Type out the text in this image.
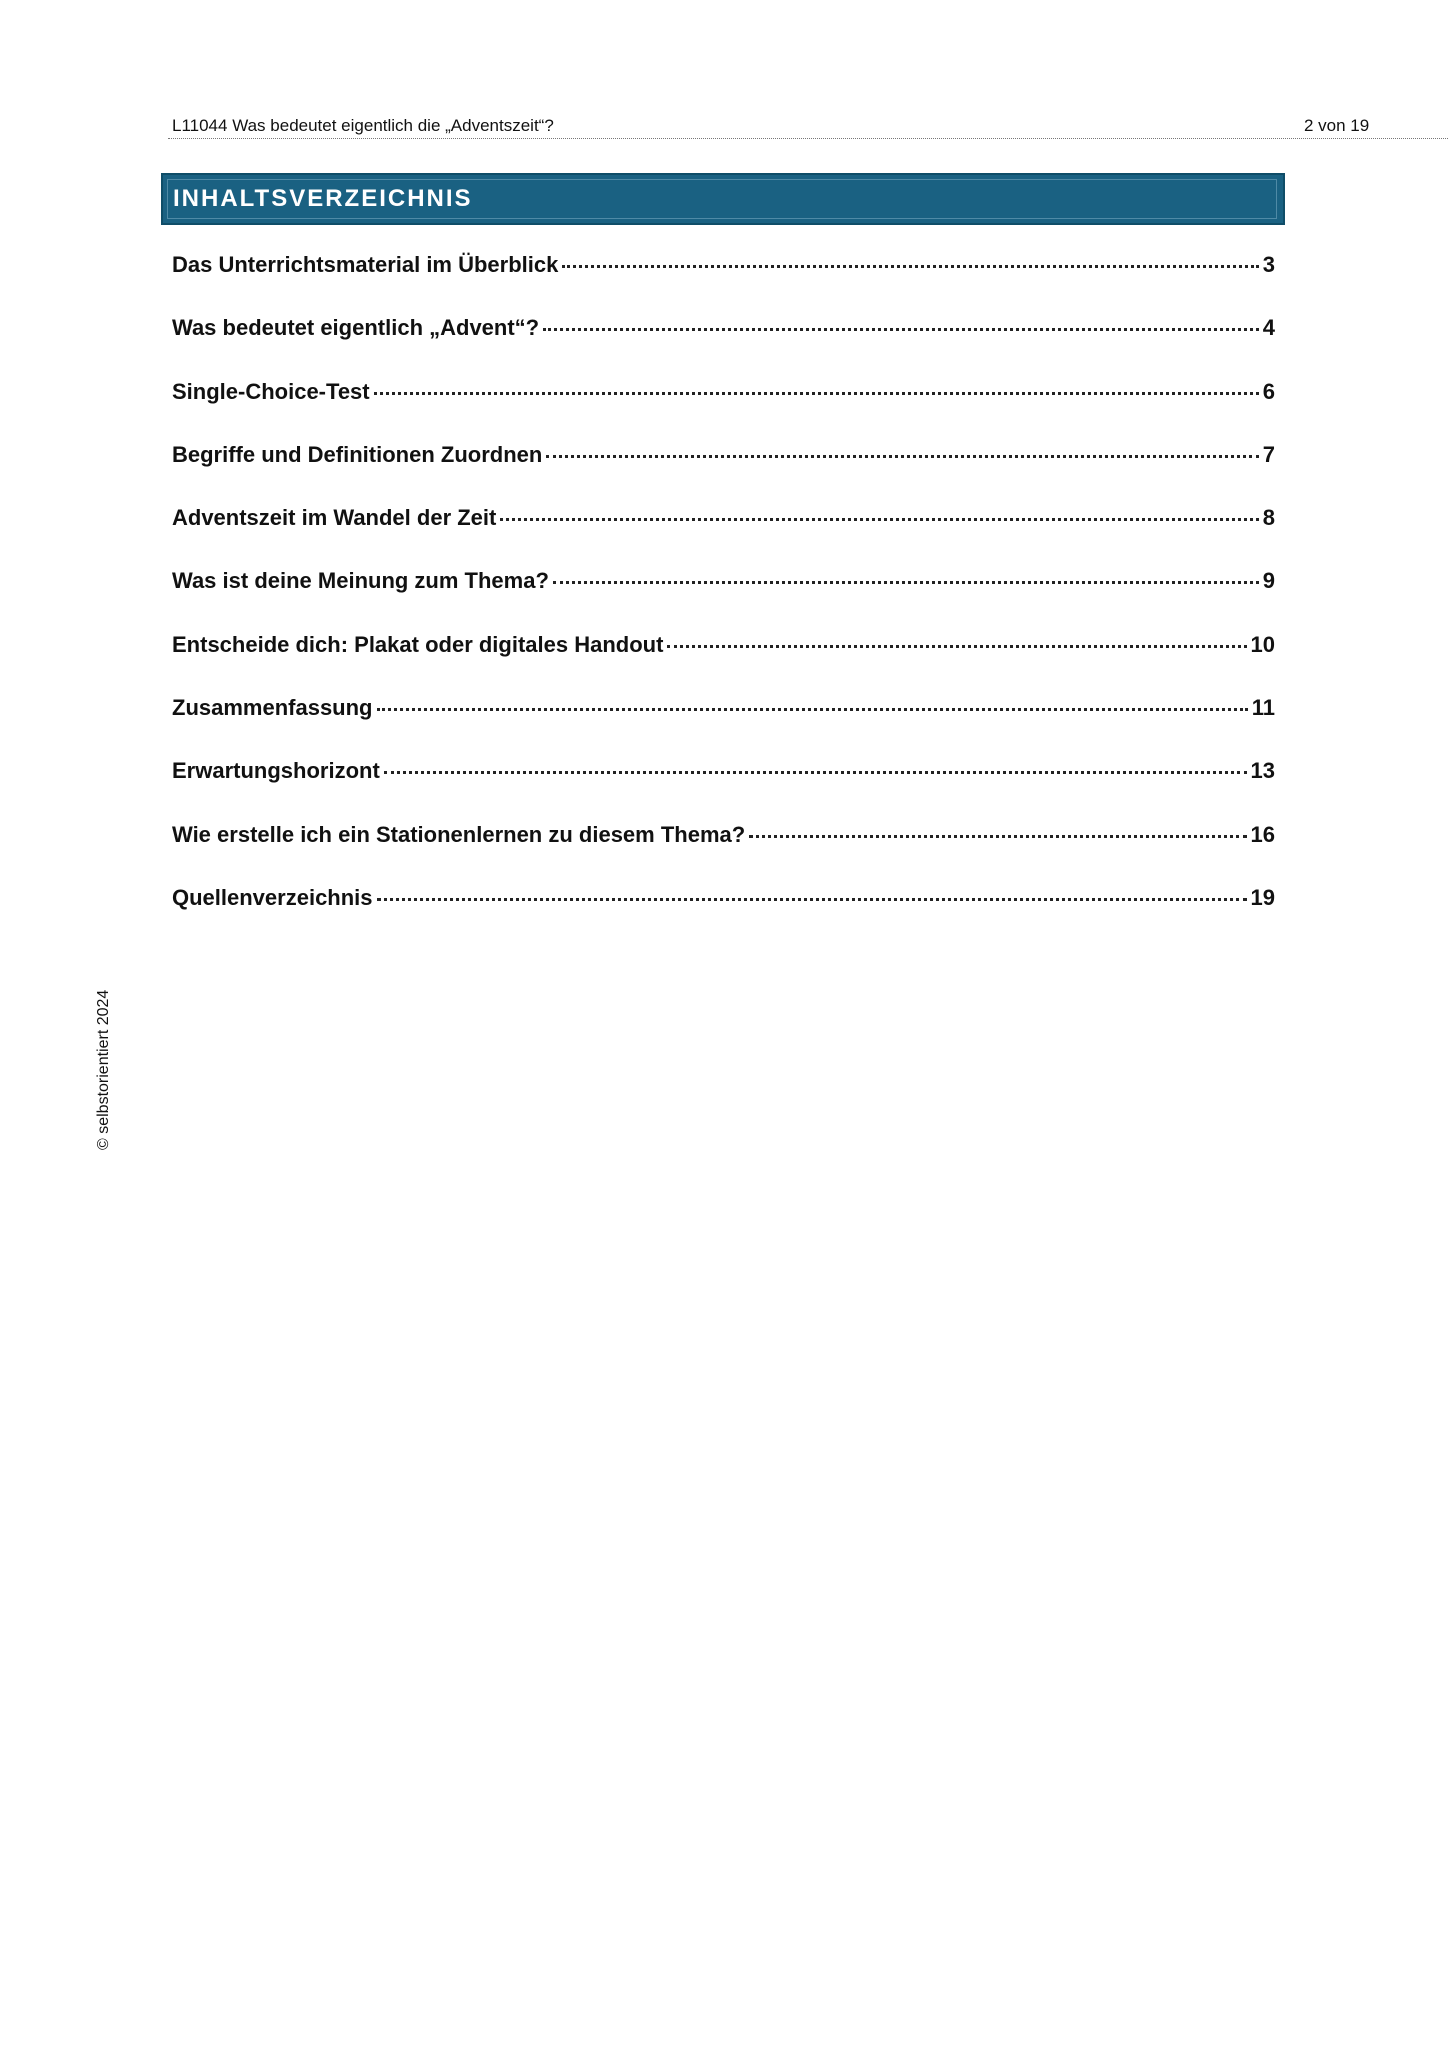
L11044 Was bedeutet eigentlich die „Adventszeit“?	2 von 19
INHALTSVERZEICHNIS
Das Unterrichtsmaterial im Überblick	3
Was bedeutet eigentlich „Advent“?	4
Single-Choice-Test	6
Begriffe und Definitionen Zuordnen	7
Adventszeit im Wandel der Zeit	8
Was ist deine Meinung zum Thema?	9
Entscheide dich: Plakat oder digitales Handout	10
Zusammenfassung	11
Erwartungshorizont	13
Wie erstelle ich ein Stationenlernen zu diesem Thema?	16
Quellenverzeichnis	19
© selbstorientiert 2024
